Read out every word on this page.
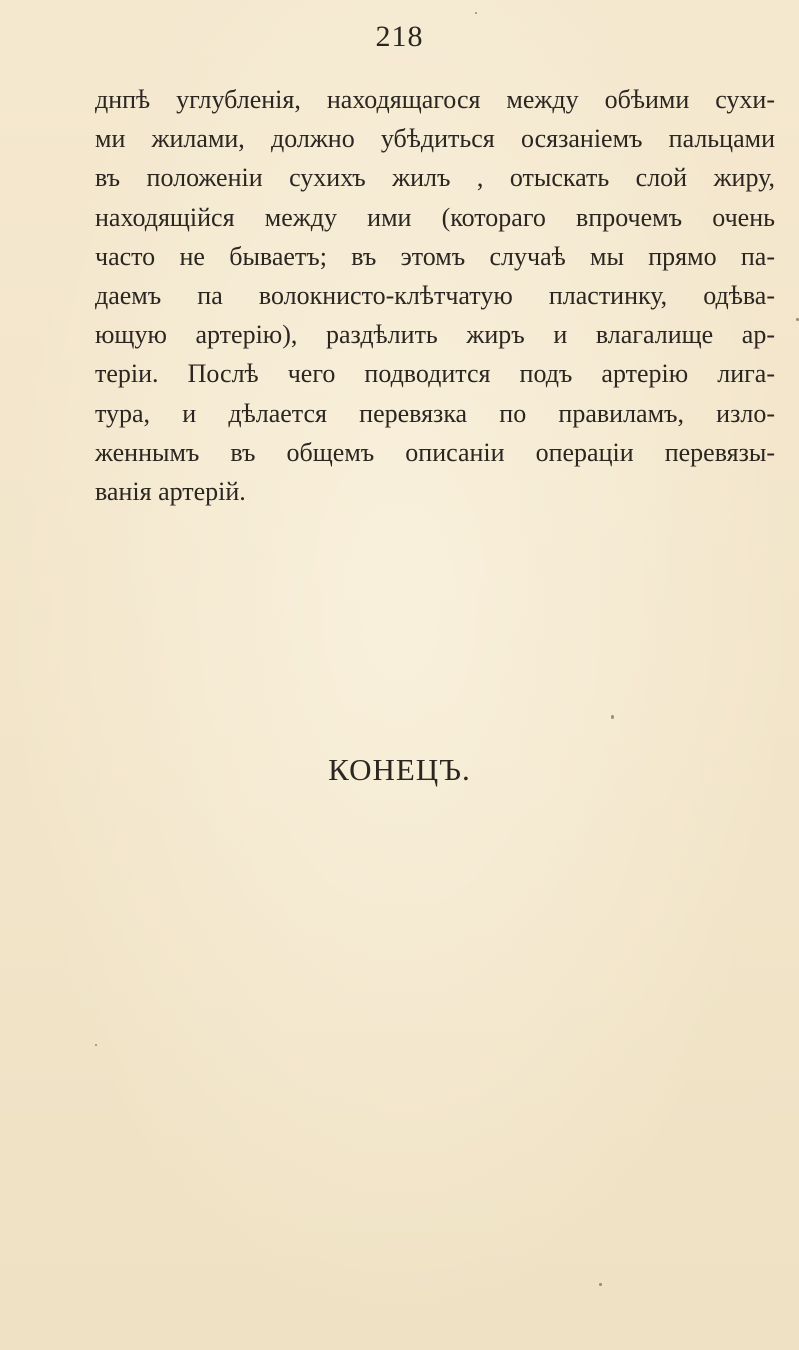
218
днпѣ углубленія, находящагося между обѣими сухи-
ми жилами, должно убѣдиться осязаніемъ пальцами
въ положеніи сухихъ жилъ , отыскать слой жиру,
находящійся между ими (котораго впрочемъ очень
часто не бываетъ; въ этомъ случаѣ мы прямо па-
даемъ па волокнисто-клѣтчатую пластинку, одѣва-
ющую артерію), раздѣлить жиръ и влагалище ар-
теріи. Послѣ чего подводится подъ артерію лига-
тура, и дѣлается перевязка по правиламъ, изло-
женнымъ въ общемъ описаніи операціи перевязы-
ванія артерій.
КОНЕЦЪ.
